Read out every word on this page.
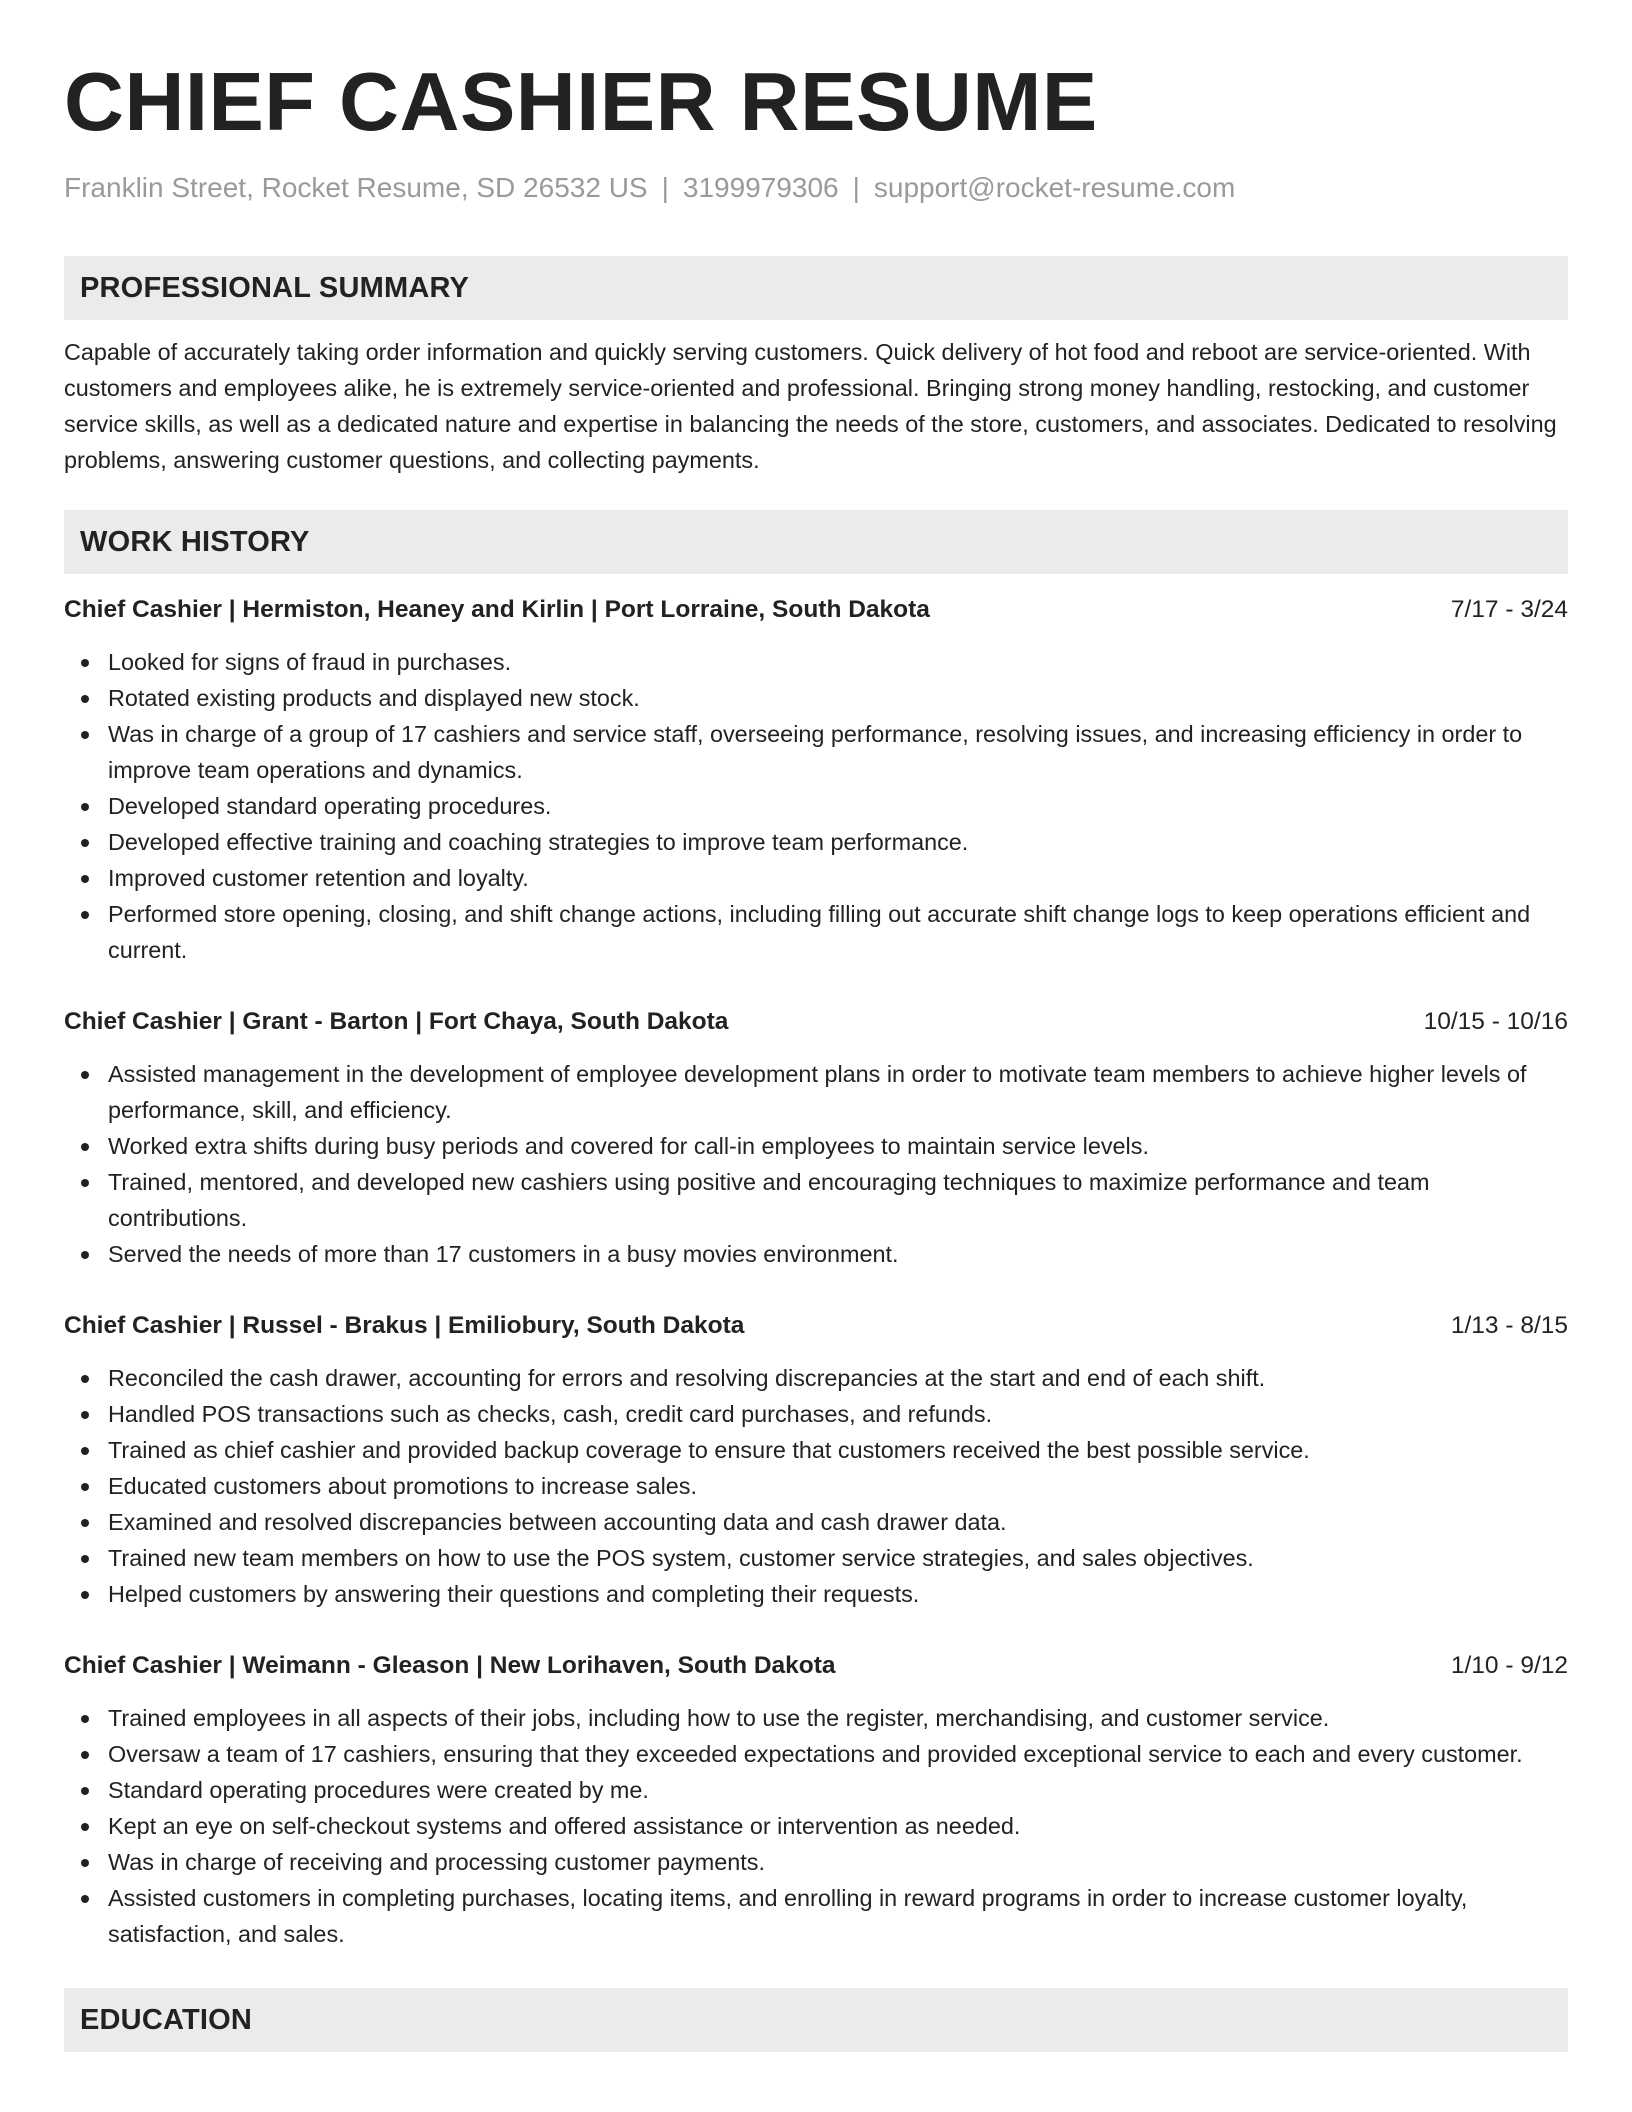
CHIEF CASHIER RESUME
Franklin Street, Rocket Resume, SD 26532 US | 3199979306 | support@rocket-resume.com
PROFESSIONAL SUMMARY
Capable of accurately taking order information and quickly serving customers. Quick delivery of hot food and reboot are service-oriented. With customers and employees alike, he is extremely service-oriented and professional. Bringing strong money handling, restocking, and customer service skills, as well as a dedicated nature and expertise in balancing the needs of the store, customers, and associates. Dedicated to resolving problems, answering customer questions, and collecting payments.
WORK HISTORY
Chief Cashier | Hermiston, Heaney and Kirlin | Port Lorraine, South Dakota	7/17 - 3/24
Looked for signs of fraud in purchases.
Rotated existing products and displayed new stock.
Was in charge of a group of 17 cashiers and service staff, overseeing performance, resolving issues, and increasing efficiency in order to improve team operations and dynamics.
Developed standard operating procedures.
Developed effective training and coaching strategies to improve team performance.
Improved customer retention and loyalty.
Performed store opening, closing, and shift change actions, including filling out accurate shift change logs to keep operations efficient and current.
Chief Cashier | Grant - Barton | Fort Chaya, South Dakota	10/15 - 10/16
Assisted management in the development of employee development plans in order to motivate team members to achieve higher levels of performance, skill, and efficiency.
Worked extra shifts during busy periods and covered for call-in employees to maintain service levels.
Trained, mentored, and developed new cashiers using positive and encouraging techniques to maximize performance and team contributions.
Served the needs of more than 17 customers in a busy movies environment.
Chief Cashier | Russel - Brakus | Emiliobury, South Dakota	1/13 - 8/15
Reconciled the cash drawer, accounting for errors and resolving discrepancies at the start and end of each shift.
Handled POS transactions such as checks, cash, credit card purchases, and refunds.
Trained as chief cashier and provided backup coverage to ensure that customers received the best possible service.
Educated customers about promotions to increase sales.
Examined and resolved discrepancies between accounting data and cash drawer data.
Trained new team members on how to use the POS system, customer service strategies, and sales objectives.
Helped customers by answering their questions and completing their requests.
Chief Cashier | Weimann - Gleason | New Lorihaven, South Dakota	1/10 - 9/12
Trained employees in all aspects of their jobs, including how to use the register, merchandising, and customer service.
Oversaw a team of 17 cashiers, ensuring that they exceeded expectations and provided exceptional service to each and every customer.
Standard operating procedures were created by me.
Kept an eye on self-checkout systems and offered assistance or intervention as needed.
Was in charge of receiving and processing customer payments.
Assisted customers in completing purchases, locating items, and enrolling in reward programs in order to increase customer loyalty, satisfaction, and sales.
EDUCATION
